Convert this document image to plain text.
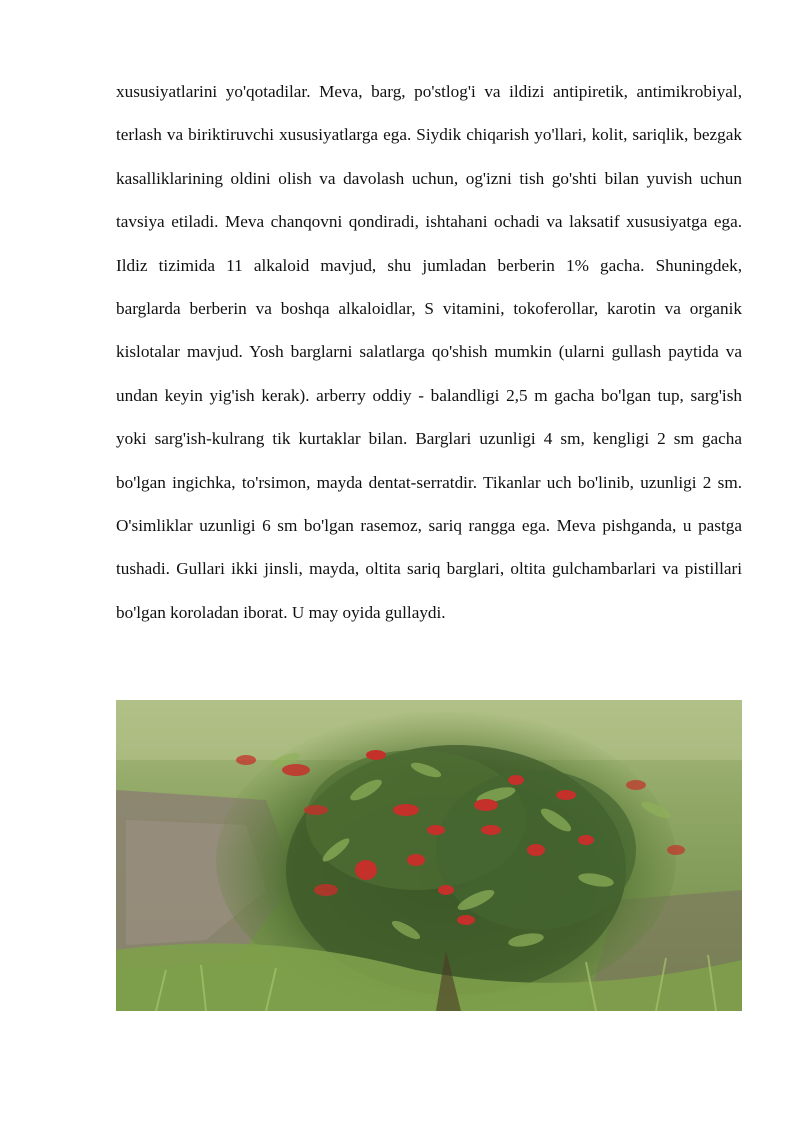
xususiyatlarini yo'qotadilar. Meva, barg, po'stlog'i va ildizi antipiretik, antimikrobiyal, terlash va biriktiruvchi xususiyatlarga ega. Siydik chiqarish yo'llari, kolit, sariqlik, bezgak kasalliklarining oldini olish va davolash uchun, og'izni tish go'shti bilan yuvish uchun tavsiya etiladi. Meva chanqovni qondiradi, ishtahani ochadi va laksatif xususiyatga ega. Ildiz tizimida 11 alkaloid mavjud, shu jumladan berberin 1% gacha. Shuningdek, barglarda berberin va boshqa alkaloidlar, S vitamini, tokoferollar, karotin va organik kislotalar mavjud. Yosh barglarni salatlarga qo'shish mumkin (ularni gullash paytida va undan keyin yig'ish kerak). arberry oddiy - balandligi 2,5 m gacha bo'lgan tup, sarg'ish yoki sarg'ish-kulrang tik kurtaklar bilan. Barglari uzunligi 4 sm, kengligi 2 sm gacha bo'lgan ingichka, to'rsimon, mayda dentat-serratdir. Tikanlar uch bo'linib, uzunligi 2 sm. O'simliklar uzunligi 6 sm bo'lgan rasemoz, sariq rangga ega. Meva pishganda, u pastga tushadi. Gullari ikki jinsli, mayda, oltita sariq barglari, oltita gulchambarlari va pistillari bo'lgan koroladan iborat. U may oyida gullaydi.
